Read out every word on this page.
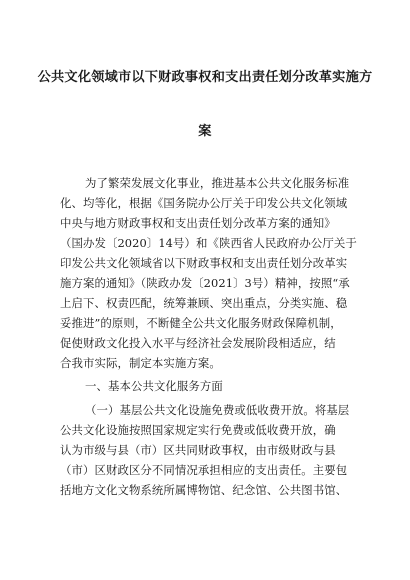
公共文化领域市以下财政事权和支出责任划分改革实施方
案
为了繁荣发展文化事业，推进基本公共文化服务标准
化、均等化，根据《国务院办公厅关于印发公共文化领域
中央与地方财政事权和支出责任划分改革方案的通知》
（国办发〔2020〕14号）和《陕西省人民政府办公厅关于
印发公共文化领域省以下财政事权和支出责任划分改革实
施方案的通知》（陕政办发〔2021〕3号）精神，按照“承
上启下、权责匹配，统筹兼顾、突出重点，分类实施、稳
妥推进”的原则，不断健全公共文化服务财政保障机制，
促使财政文化投入水平与经济社会发展阶段相适应，结
合我市实际，制定本实施方案。
一、基本公共文化服务方面
（一）基层公共文化设施免费或低收费开放。将基层
公共文化设施按照国家规定实行免费或低收费开放，确
认为市级与县（市）区共同财政事权，由市级财政与县
（市）区财政区分不同情况承担相应的支出责任。主要包
括地方文化文物系统所属博物馆、纪念馆、公共图书馆、
